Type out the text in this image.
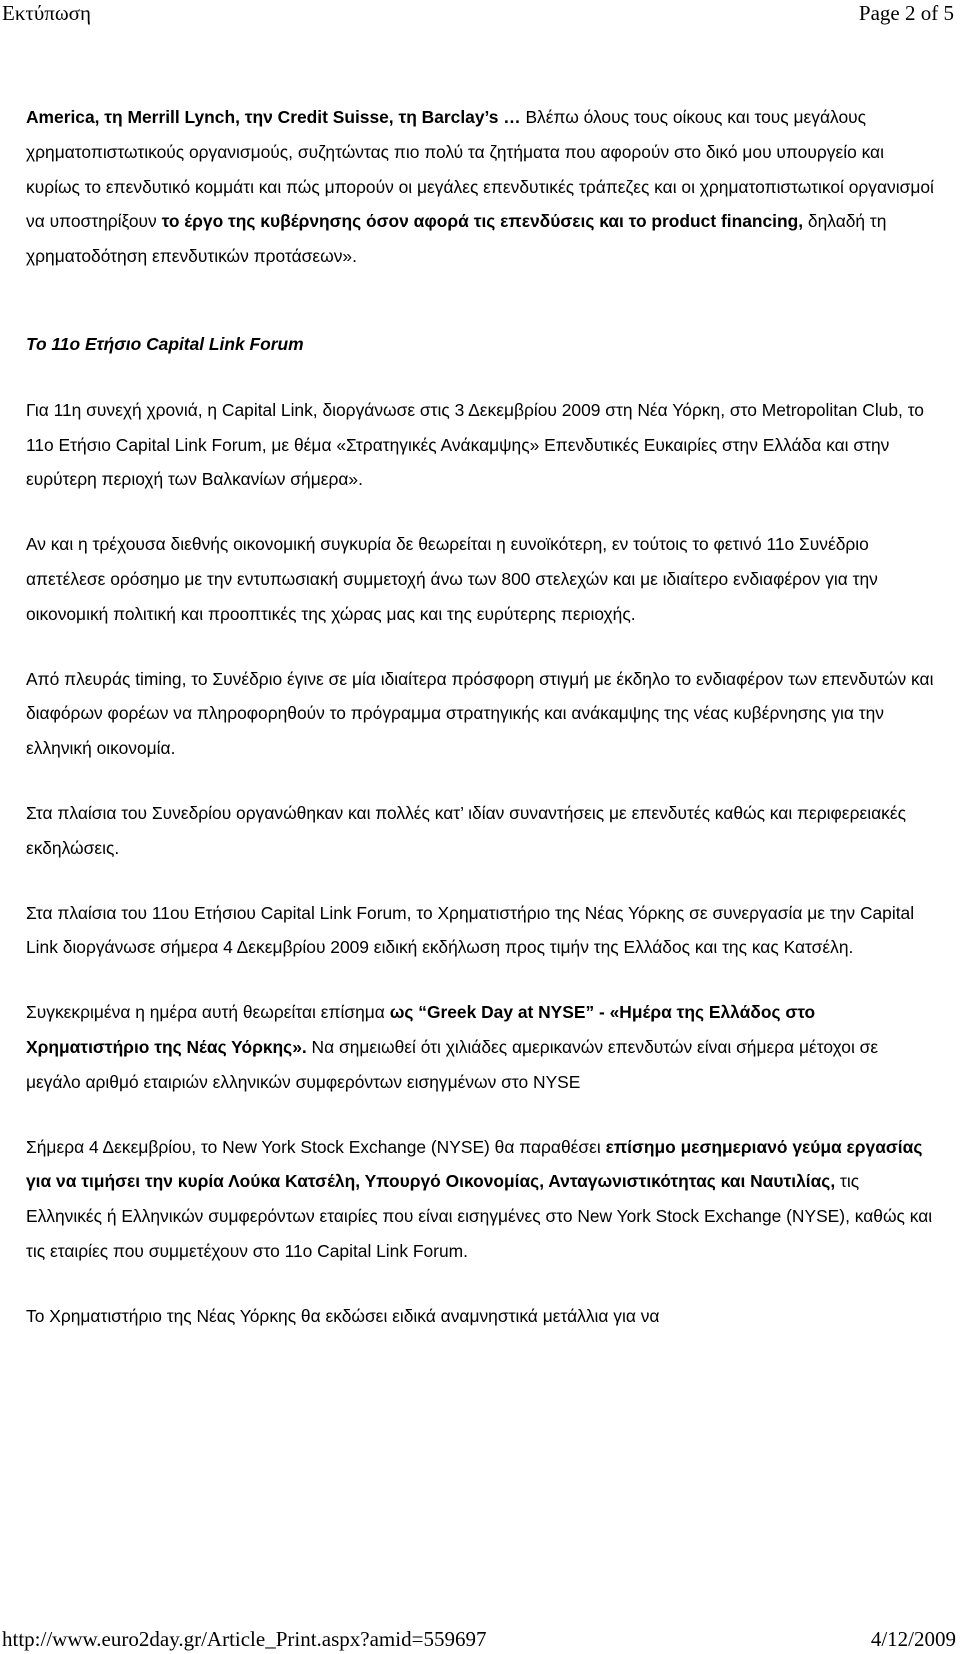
Εκτύπωση	Page 2 of 5

America, τη Merrill Lynch, την Credit Suisse, τη Barclay’s … Βλέπω όλους τους οίκους και τους μεγάλους χρηματοπιστωτικούς οργανισμούς, συζητώντας πιο πολύ τα ζητήματα που αφορούν στο δικό μου υπουργείο και κυρίως το επενδυτικό κομμάτι και πώς μπορούν οι μεγάλες επενδυτικές τράπεζες και οι χρηματοπιστωτικοί οργανισμοί να υποστηρίξουν το έργο της κυβέρνησης όσον αφορά τις επενδύσεις και το product financing, δηλαδή τη χρηματοδότηση επενδυτικών προτάσεων».

Το 11ο Ετήσιο Capital Link Forum

Για 11η συνεχή χρονιά, η Capital Link, διοργάνωσε στις 3 Δεκεμβρίου 2009 στη Νέα Υόρκη, στο Metropolitan Club, το 11ο Ετήσιο Capital Link Forum, με θέμα «Στρατηγικές Ανάκαμψης» Επενδυτικές Ευκαιρίες στην Ελλάδα και στην ευρύτερη περιοχή των Βαλκανίων σήμερα».

Αν και η τρέχουσα διεθνής οικονομική συγκυρία δε θεωρείται η ευνοϊκότερη, εν τούτοις το φετινό 11ο Συνέδριο απετέλεσε ορόσημο με την εντυπωσιακή συμμετοχή άνω των 800 στελεχών και με ιδιαίτερο ενδιαφέρον για την οικονομική πολιτική και προοπτικές της χώρας μας και της ευρύτερης περιοχής.

Από πλευράς timing, το Συνέδριο έγινε σε μία ιδιαίτερα πρόσφορη στιγμή με έκδηλο το ενδιαφέρον των επενδυτών και διαφόρων φορέων να πληροφορηθούν το πρόγραμμα στρατηγικής και ανάκαμψης της νέας κυβέρνησης για την ελληνική οικονομία.

Στα πλαίσια του Συνεδρίου οργανώθηκαν και πολλές κατ’ ιδίαν συναντήσεις με επενδυτές καθώς και περιφερειακές εκδηλώσεις.

Στα πλαίσια του 11ου Ετήσιου Capital Link Forum, το Χρηματιστήριο της Νέας Υόρκης σε συνεργασία με την Capital Link διοργάνωσε σήμερα 4 Δεκεμβρίου 2009 ειδική εκδήλωση προς τιμήν της Ελλάδος και της κας Κατσέλη.

Συγκεκριμένα η ημέρα αυτή θεωρείται επίσημα ως “Greek Day at NYSE” - «Ημέρα της Ελλάδος στο Χρηματιστήριο της Νέας Υόρκης». Να σημειωθεί ότι χιλιάδες αμερικανών επενδυτών είναι σήμερα μέτοχοι σε μεγάλο αριθμό εταιριών ελληνικών συμφερόντων εισηγμένων στο NYSE

Σήμερα 4 Δεκεμβρίου, το New York Stock Exchange (NYSE) θα παραθέσει επίσημο μεσημεριανό γεύμα εργασίας για να τιμήσει την κυρία Λούκα Κατσέλη, Υπουργό Οικονομίας, Ανταγωνιστικότητας και Ναυτιλίας, τις Ελληνικές ή Ελληνικών συμφερόντων εταιρίες που είναι εισηγμένες στο New York Stock Exchange (NYSE), καθώς και τις εταιρίες που συμμετέχουν στο 11ο Capital Link Forum.

Το Χρηματιστήριο της Νέας Υόρκης θα εκδώσει ειδικά αναμνηστικά μετάλλια για να

http://www.euro2day.gr/Article_Print.aspx?amid=559697	4/12/2009
